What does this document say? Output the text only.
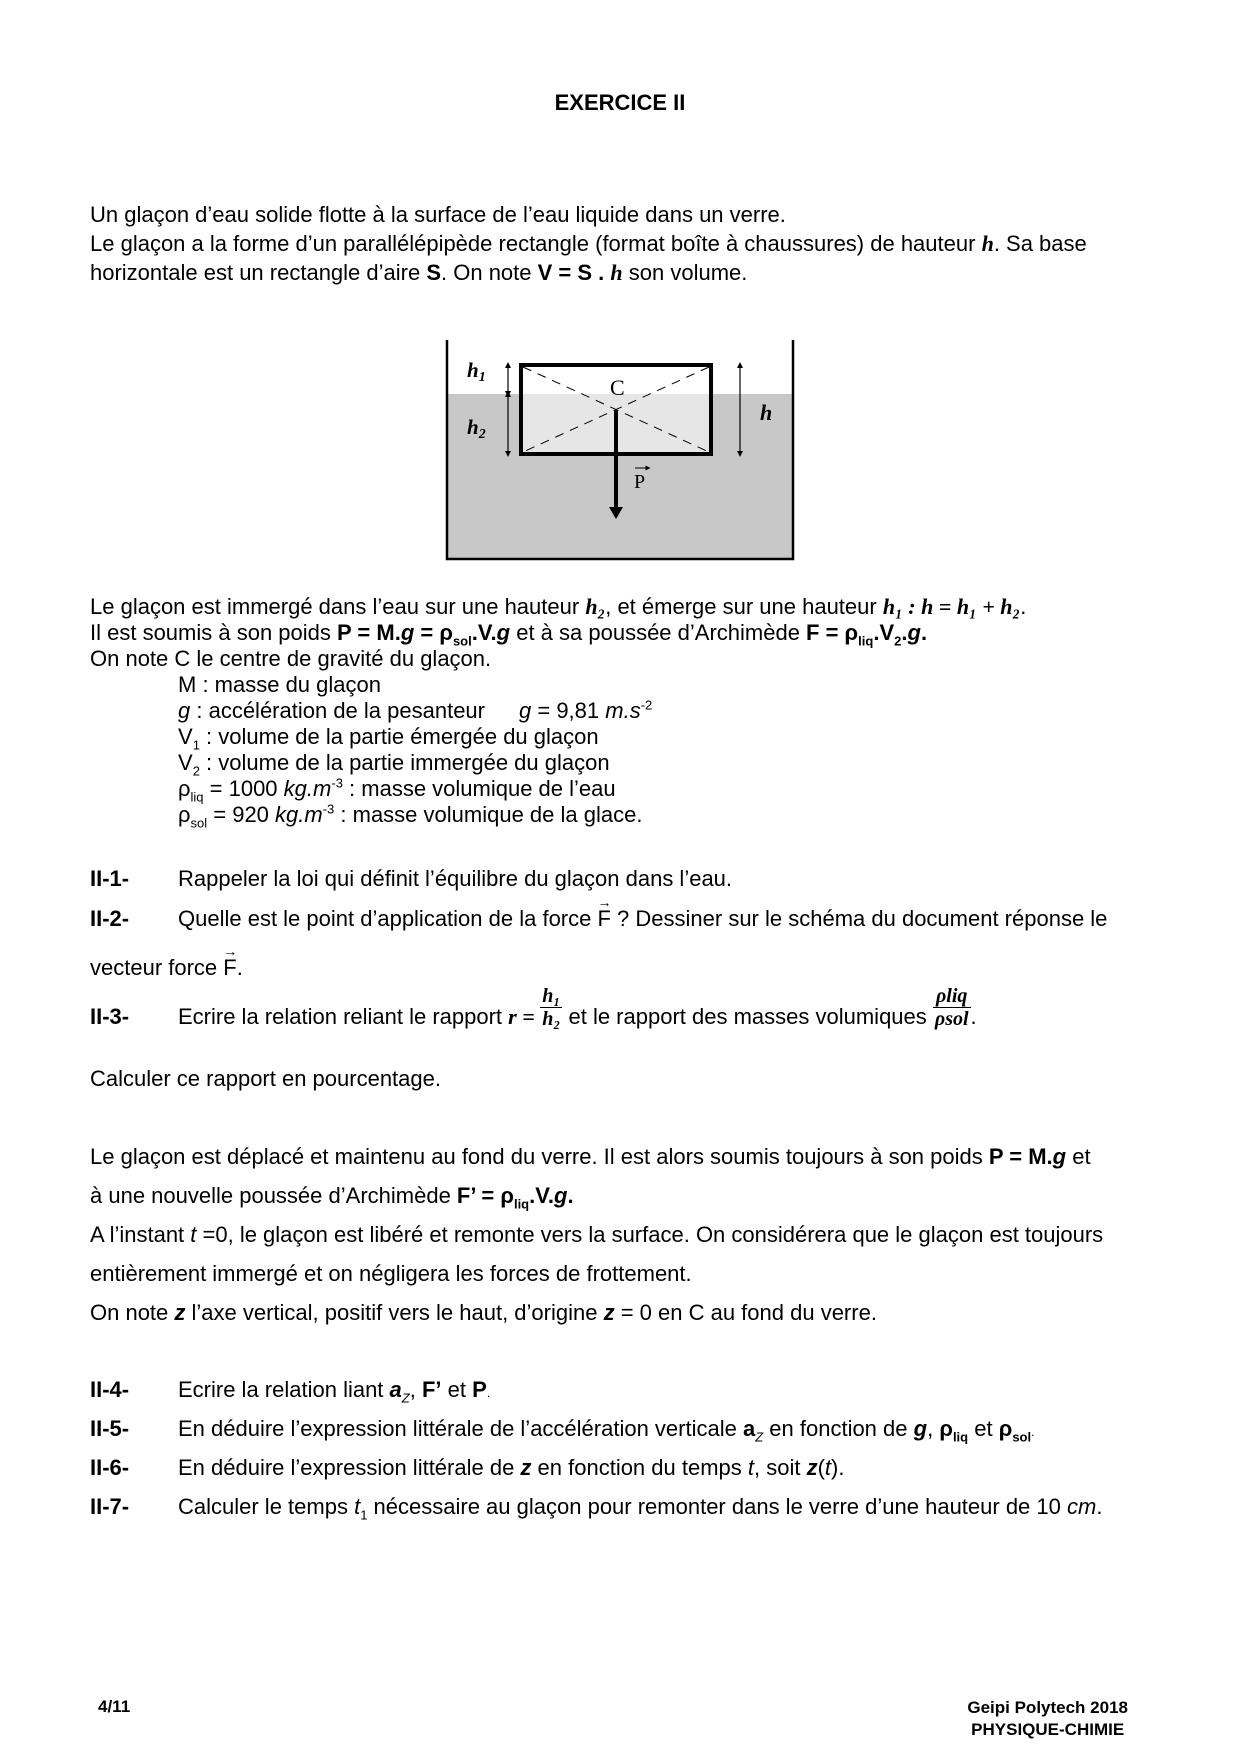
EXERCICE II
Un glaçon d’eau solide flotte à la surface de l’eau liquide dans un verre.
Le glaçon a la forme d’un parallélépipède rectangle (format boîte à chaussures) de hauteur h. Sa base
horizontale est un rectangle d’aire S. On note V = S . h son volume.
h1
h2
h
C
P
Le glaçon est immergé dans l’eau sur une hauteur h₂, et émerge sur une hauteur h₁ : h = h₁ + h₂.
Il est soumis à son poids $P = M.g = \rho_{sol}.V.g$ et à sa poussée d’Archimède $F = \rho_{liq}.V_2.g$.
On note C le centre de gravité du glaçon.
M : masse du glaçon
g : accélération de la pesanteur g = 9,81 $m.s^{-2}$
$V_1$ : volume de la partie émergée du glaçon
$V_2$ : volume de la partie immergée du glaçon
$\rho_{liq} = 1000$ $kg.m^{-3}$ : masse volumique de l’eau
$\rho_{sol} = 920$ $kg.m^{-3}$ : masse volumique de la glace.
II-1- Rappeler la loi qui définit l’équilibre du glaçon dans l’eau.
II-2- Quelle est le point d’application de la force → F ? Dessiner sur le schéma du document réponse le
vecteur force → F.
II-3- Ecrire la relation reliant le rapport $r = \frac{\text{h₁}}{\text{h₂}}$ et le rapport des masses volumiques $\frac{\text{ρliq}}{\text{ρsol}}$ .
Calculer ce rapport en pourcentage.
Le glaçon est déplacé et maintenu au fond du verre. Il est alors soumis toujours à son poids P = M.g et
à une nouvelle poussée d’Archimède F’ = $\rho_{liq}.V.g$.
A l’instant t =0, le glaçon est libéré et remonte vers la surface. On considérera que le glaçon est toujours
entièrement immergé et on négligera les forces de frottement.
On note z l’axe vertical, positif vers le haut, d’origine z = 0 en C au fond du verre.
II-4- Ecrire la relation liant $a_Z$, F’ et P.
II-5- En déduire l’expression littérale de l’accélération verticale $a_Z$ en fonction de g, $\rho_{liq}$ et $\rho_{sol}$.
II-6- En déduire l’expression littérale de z en fonction du temps t, soit z(t).
II-7- Calculer le temps $t_1$ nécessaire au glaçon pour remonter dans le verre d’une hauteur de 10 cm.
4/11	Geipi Polytech 2018
PHYSIQUE-CHIMIE
